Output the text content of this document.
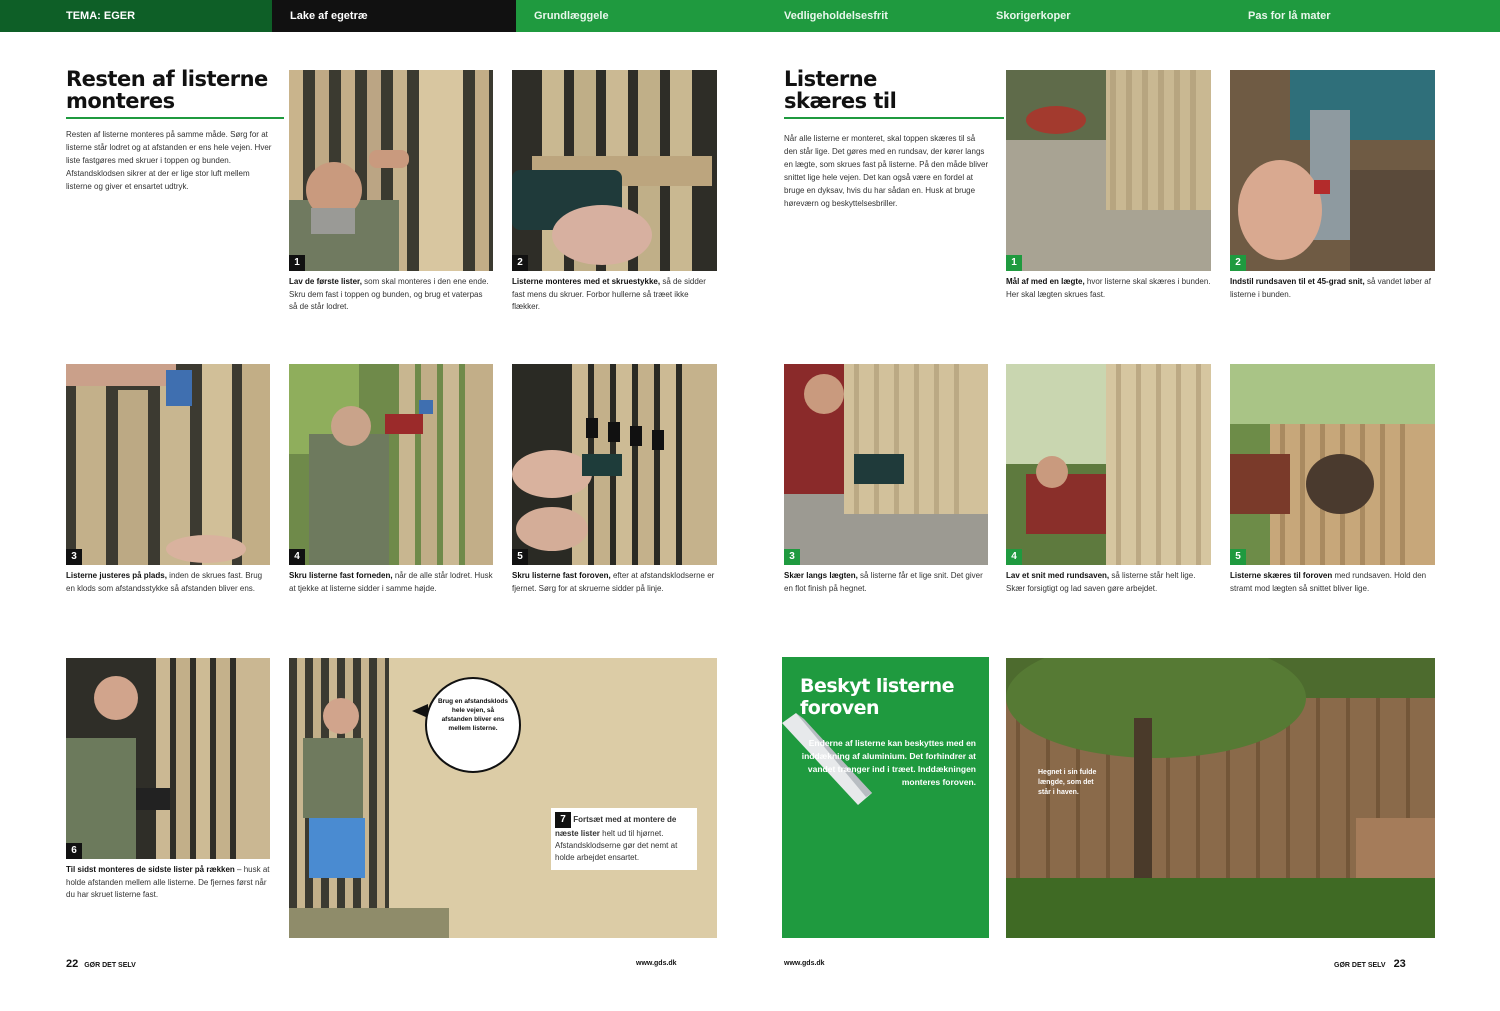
TEMA: EGER	Lake af egetræ	Grundlæggele	Vedligeholdelsesfrit	Skorigerkoper	Pas for lå mater
Resten af listerne monteres
Resten af listerne monteres på samme måde. Sørg for at listerne står lodret og at afstanden er ens hele vejen. Hver liste fastgøres med skruer i toppen og bunden. Afstandsklodsen sikrer at der er lige stor luft mellem listerne og giver et ensartet udtryk.
1
Lav de første lister, som skal monteres i den ene ende. Skru dem fast i toppen og bunden, og brug et vaterpas så de står lodret.
2
Listerne monteres med et skruestykke, så de sidder fast mens du skruer. Forbor hullerne så træet ikke flækker.
3
Listerne justeres på plads, inden de skrues fast. Brug en klods som afstandsstykke så afstanden bliver ens.
4
Skru listerne fast forneden, når de alle står lodret. Husk at tjekke at listerne sidder i samme højde.
5
Skru listerne fast foroven, efter at afstandsklodserne er fjernet. Sørg for at skruerne sidder på linje.
6
Til sidst monteres de sidste lister på rækken – husk at holde afstanden mellem alle listerne. De fjernes først når du har skruet listerne fast.
Brug en afstandsklods hele vejen, så afstanden bliver ens mellem listerne.
7 Fortsæt med at montere de næste lister helt ud til hjørnet. Afstandsklodserne gør det nemt at holde arbejdet ensartet.
22 GØR DET SELV	www.gds.dk
Listerne skæres til
Når alle listerne er monteret, skal toppen skæres til så den står lige. Det gøres med en rundsav, der kører langs en lægte, som skrues fast på listerne. På den måde bliver snittet lige hele vejen. Det kan også være en fordel at bruge en dyksav, hvis du har sådan en. Husk at bruge høreværn og beskyttelsesbriller.
1
Mål af med en lægte, hvor listerne skal skæres i bunden. Her skal lægten skrues fast.
2
Indstil rundsaven til et 45-grad snit, så vandet løber af listerne i bunden.
3
Skær langs lægten, så listerne får et lige snit. Det giver en flot finish på hegnet.
4
Lav et snit med rundsaven, så listerne står helt lige. Skær forsigtigt og lad saven gøre arbejdet.
5
Listerne skæres til foroven med rundsaven. Hold den stramt mod lægten så snittet bliver lige.
Beskyt listerne foroven
Enderne af listerne kan beskyttes med en inddækning af aluminium. Det forhindrer at vandet trænger ind i træet. Inddækningen monteres foroven.
Hegnet i sin fulde længde, som det står i haven.
www.gds.dk	GØR DET SELV 23
